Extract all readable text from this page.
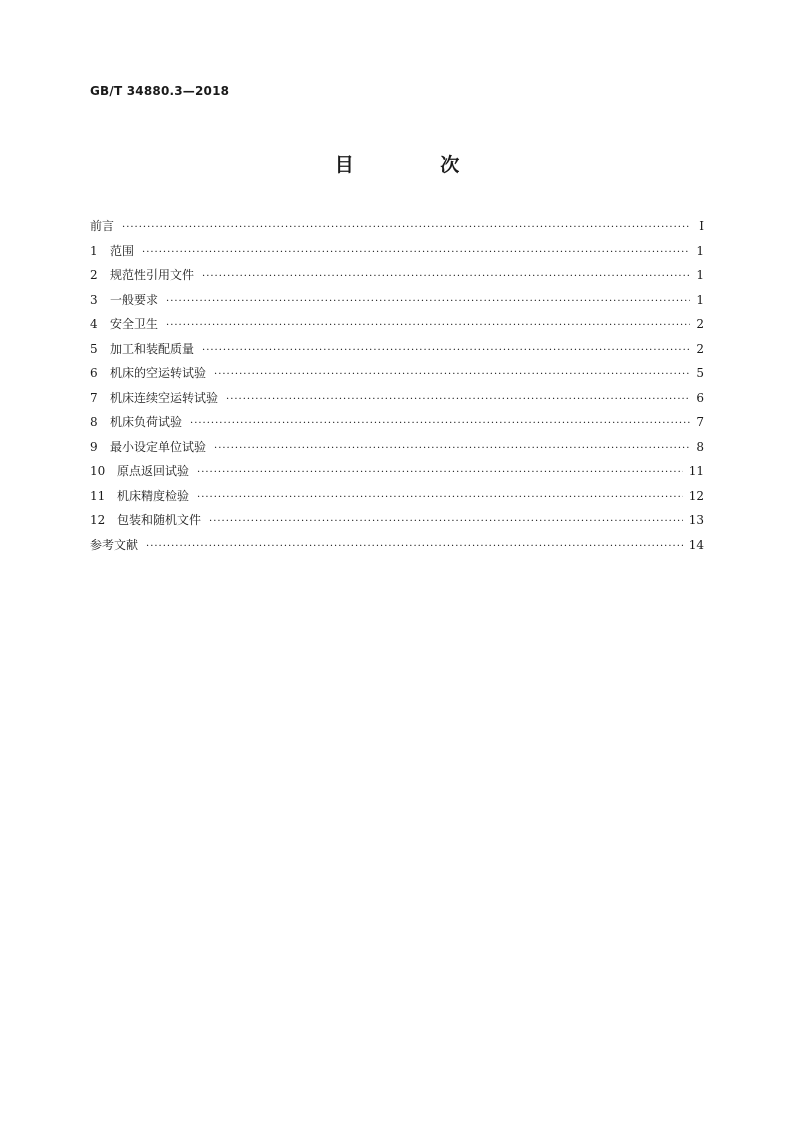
GB/T 34880.3—2018
目 次
前言 ·····	Ⅰ
1	范围 ·····	1
2	规范性引用文件 ·····	1
3	一般要求 ·····	1
4	安全卫生 ·····	2
5	加工和装配质量 ·····	2
6	机床的空运转试验 ·····	5
7	机床连续空运转试验 ·····	6
8	机床负荷试验 ·····	7
9	最小设定单位试验 ·····	8
10 原点返回试验 ·····	11
11 机床精度检验 ·····	12
12 包装和随机文件 ·····	13
参考文献 ·····	14
